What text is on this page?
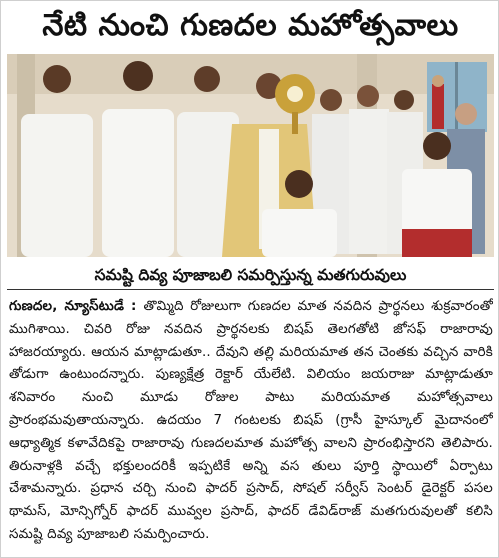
నేటి నుంచి గుణదల మహోత్సవాలు
సమష్టి దివ్య పూజాబలి సమర్పిస్తున్న మతగురువులు
గుణదల, న్యూస్‌టుడే : తొమ్మిది రోజులుగా గుణదల మాత నవదిన ప్రార్థనలు శుక్రవారంతో ముగిశాయి. చివరి రోజు నవదిన ప్రార్థనలకు బిషప్ తెలగతోటి జోసఫ్ రాజారావు హాజరయ్యారు. ఆయన మాట్లాడుతూ.. దేవుని తల్లి మరియమాత తన చెంతకు వచ్చిన వారికి తోడుగా ఉంటుందన్నారు. పుణ్యక్షేత్ర రెక్టార్ యేలేటి. విలియం జయరాజు మాట్లాడుతూ శనివారం నుంచి మూడు రోజుల పాటు మరియమాత మహోత్సవాలు ప్రారంభమవుతాయన్నారు. ఉదయం 7 గంటలకు బిషప్ (గ్రాసీ హైస్కూల్ మైదానంలో ఆధ్యాత్మిక కళావేదికపై రాజారావు గుణదలమాత మహోత్స వాలని ప్రారంభిస్తారని తెలిపారు. తిరునాళ్లకి వచ్చే భక్తులందరికీ ఇప్పటికే అన్ని వస తులు పూర్తి స్థాయిలో ఏర్పాటు చేశామన్నారు. ప్రధాన చర్చి నుంచి ఫాదర్ ప్రసాద్, సోషల్ సర్వీస్ సెంటర్ డైరెక్టర్ పసల థామస్, మోన్సిగ్నోర్ ఫాదర్ మువ్వల ప్రసాద్, ఫాదర్ డేవిడ్‌రాజ్ మతగురువులతో కలిసి సమష్టి దివ్య పూజాబలి సమర్పించారు.
